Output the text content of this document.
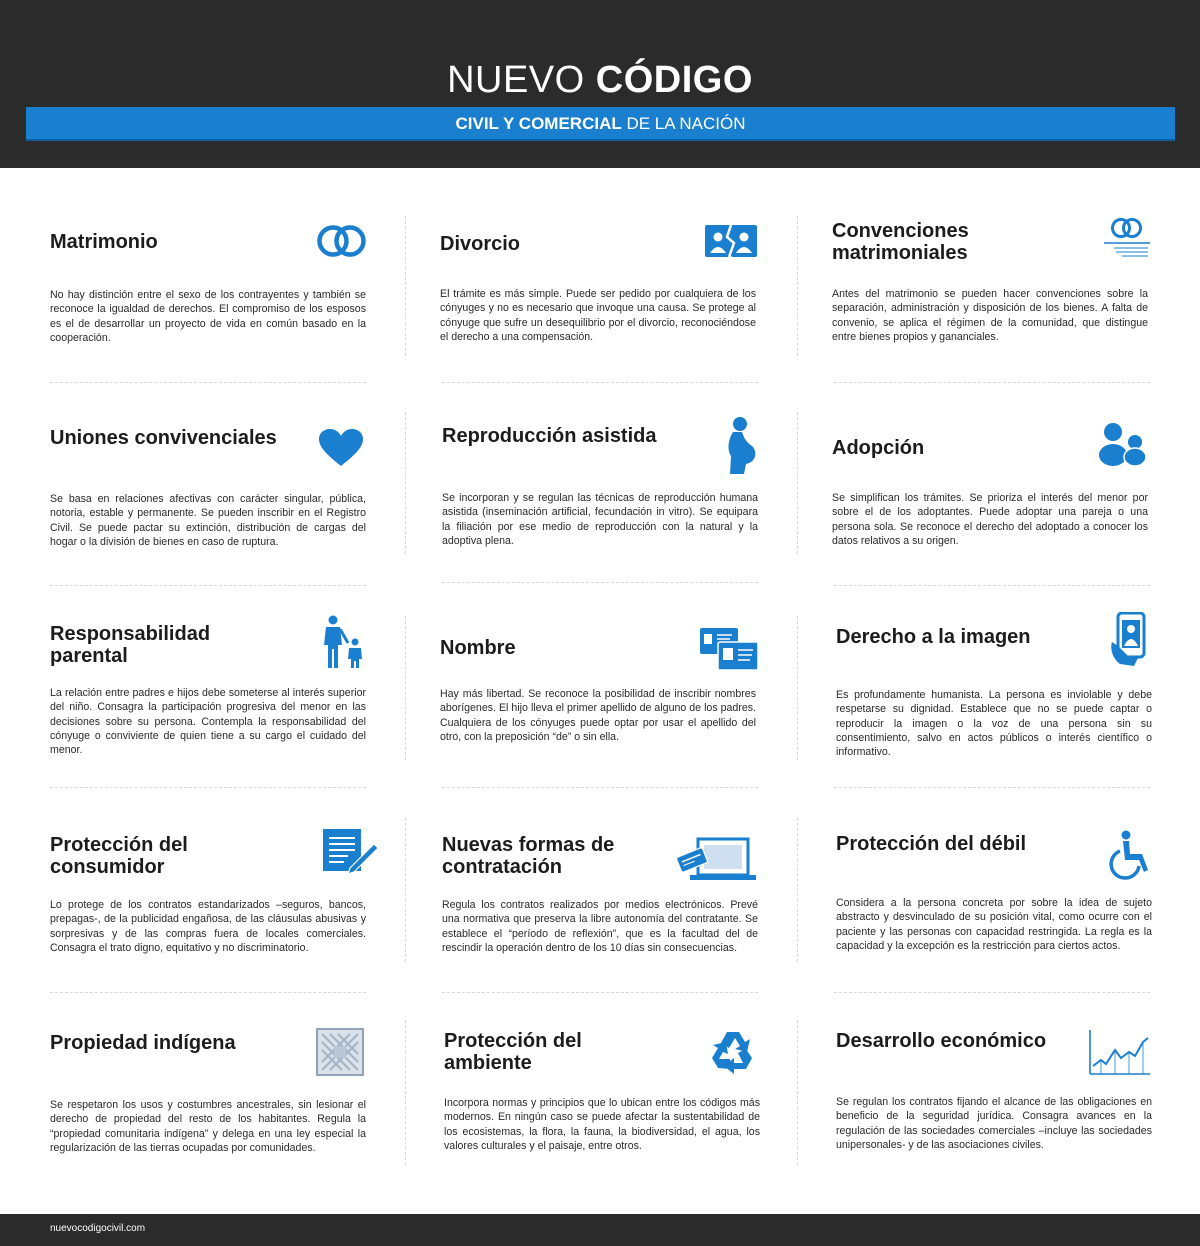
NUEVO CÓDIGO
CIVIL Y COMERCIAL DE LA NACIÓN
Matrimonio

No hay distinción entre el sexo de los contrayentes y también se reconoce la igualdad de derechos. El compromiso de los esposos es el de desarrollar un proyecto de vida en común basado en la cooperación.

Divorcio

El trámite es más simple. Puede ser pedido por cualquiera de los cónyuges y no es necesario que invoque una causa. Se protege al cónyuge que sufre un desequilibrio por el divorcio, reconociéndose el derecho a una compensación.

Convenciones matrimoniales

Antes del matrimonio se pueden hacer convenciones sobre la separación, administración y disposición de los bienes. A falta de convenio, se aplica el régimen de la comunidad, que distingue entre bienes propios y gananciales.

Uniones convivenciales

Se basa en relaciones afectivas con carácter singular, pública, notoria, estable y permanente. Se pueden inscribir en el Registro Civil. Se puede pactar su extinción, distribución de cargas del hogar o la división de bienes en caso de ruptura.

Reproducción asistida

Se incorporan y se regulan las técnicas de reproducción humana asistida (inseminación artificial, fecundación in vitro). Se equipara la filiación por ese medio de reproducción con la natural y la adoptiva plena.

Adopción

Se simplifican los trámites. Se prioriza el interés del menor por sobre el de los adoptantes. Puede adoptar una pareja o una persona sola. Se reconoce el derecho del adoptado a conocer los datos relativos a su origen.

Responsabilidad parental

La relación entre padres e hijos debe someterse al interés superior del niño. Consagra la participación progresiva del menor en las decisiones sobre su persona. Contempla la responsabilidad del cónyuge o conviviente de quien tiene a su cargo el cuidado del menor.

Nombre

Hay más libertad. Se reconoce la posibilidad de inscribir nombres aborígenes. El hijo lleva el primer apellido de alguno de los padres. Cualquiera de los cónyuges puede optar por usar el apellido del otro, con la preposición “de” o sin ella.

Derecho a la imagen

Es profundamente humanista. La persona es inviolable y debe respetarse su dignidad. Establece que no se puede captar o reproducir la imagen o la voz de una persona sin su consentimiento, salvo en actos públicos o interés científico o informativo.

Protección del consumidor

Lo protege de los contratos estandarizados –seguros, bancos, prepagas-, de la publicidad engañosa, de las cláusulas abusivas y sorpresivas y de las compras fuera de locales comerciales. Consagra el trato digno, equitativo y no discriminatorio.

Nuevas formas de contratación

Regula los contratos realizados por medios electrónicos. Prevé una normativa que preserva la libre autonomía del contratante. Se establece el “período de reflexión”, que es la facultad del de rescindir la operación dentro de los 10 días sin consecuencias.

Protección del débil

Considera a la persona concreta por sobre la idea de sujeto abstracto y desvinculado de su posición vital, como ocurre con el paciente y las personas con capacidad restringida. La regla es la capacidad y la excepción es la restricción para ciertos actos.

Propiedad indígena

Se respetaron los usos y costumbres ancestrales, sin lesionar el derecho de propiedad del resto de los habitantes. Regula la “propiedad comunitaria indígena” y delega en una ley especial la regularización de las tierras ocupadas por comunidades.

Protección del ambiente

Incorpora normas y principios que lo ubican entre los códigos más modernos. En ningún caso se puede afectar la sustentabilidad de los ecosistemas, la flora, la fauna, la biodiversidad, el agua, los valores culturales y el paisaje, entre otros.

Desarrollo económico

Se regulan los contratos fijando el alcance de las obligaciones en beneficio de la seguridad jurídica. Consagra avances en la regulación de las sociedades comerciales –incluye las sociedades unipersonales- y de las asociaciones civiles.

nuevocodigocivil.com
